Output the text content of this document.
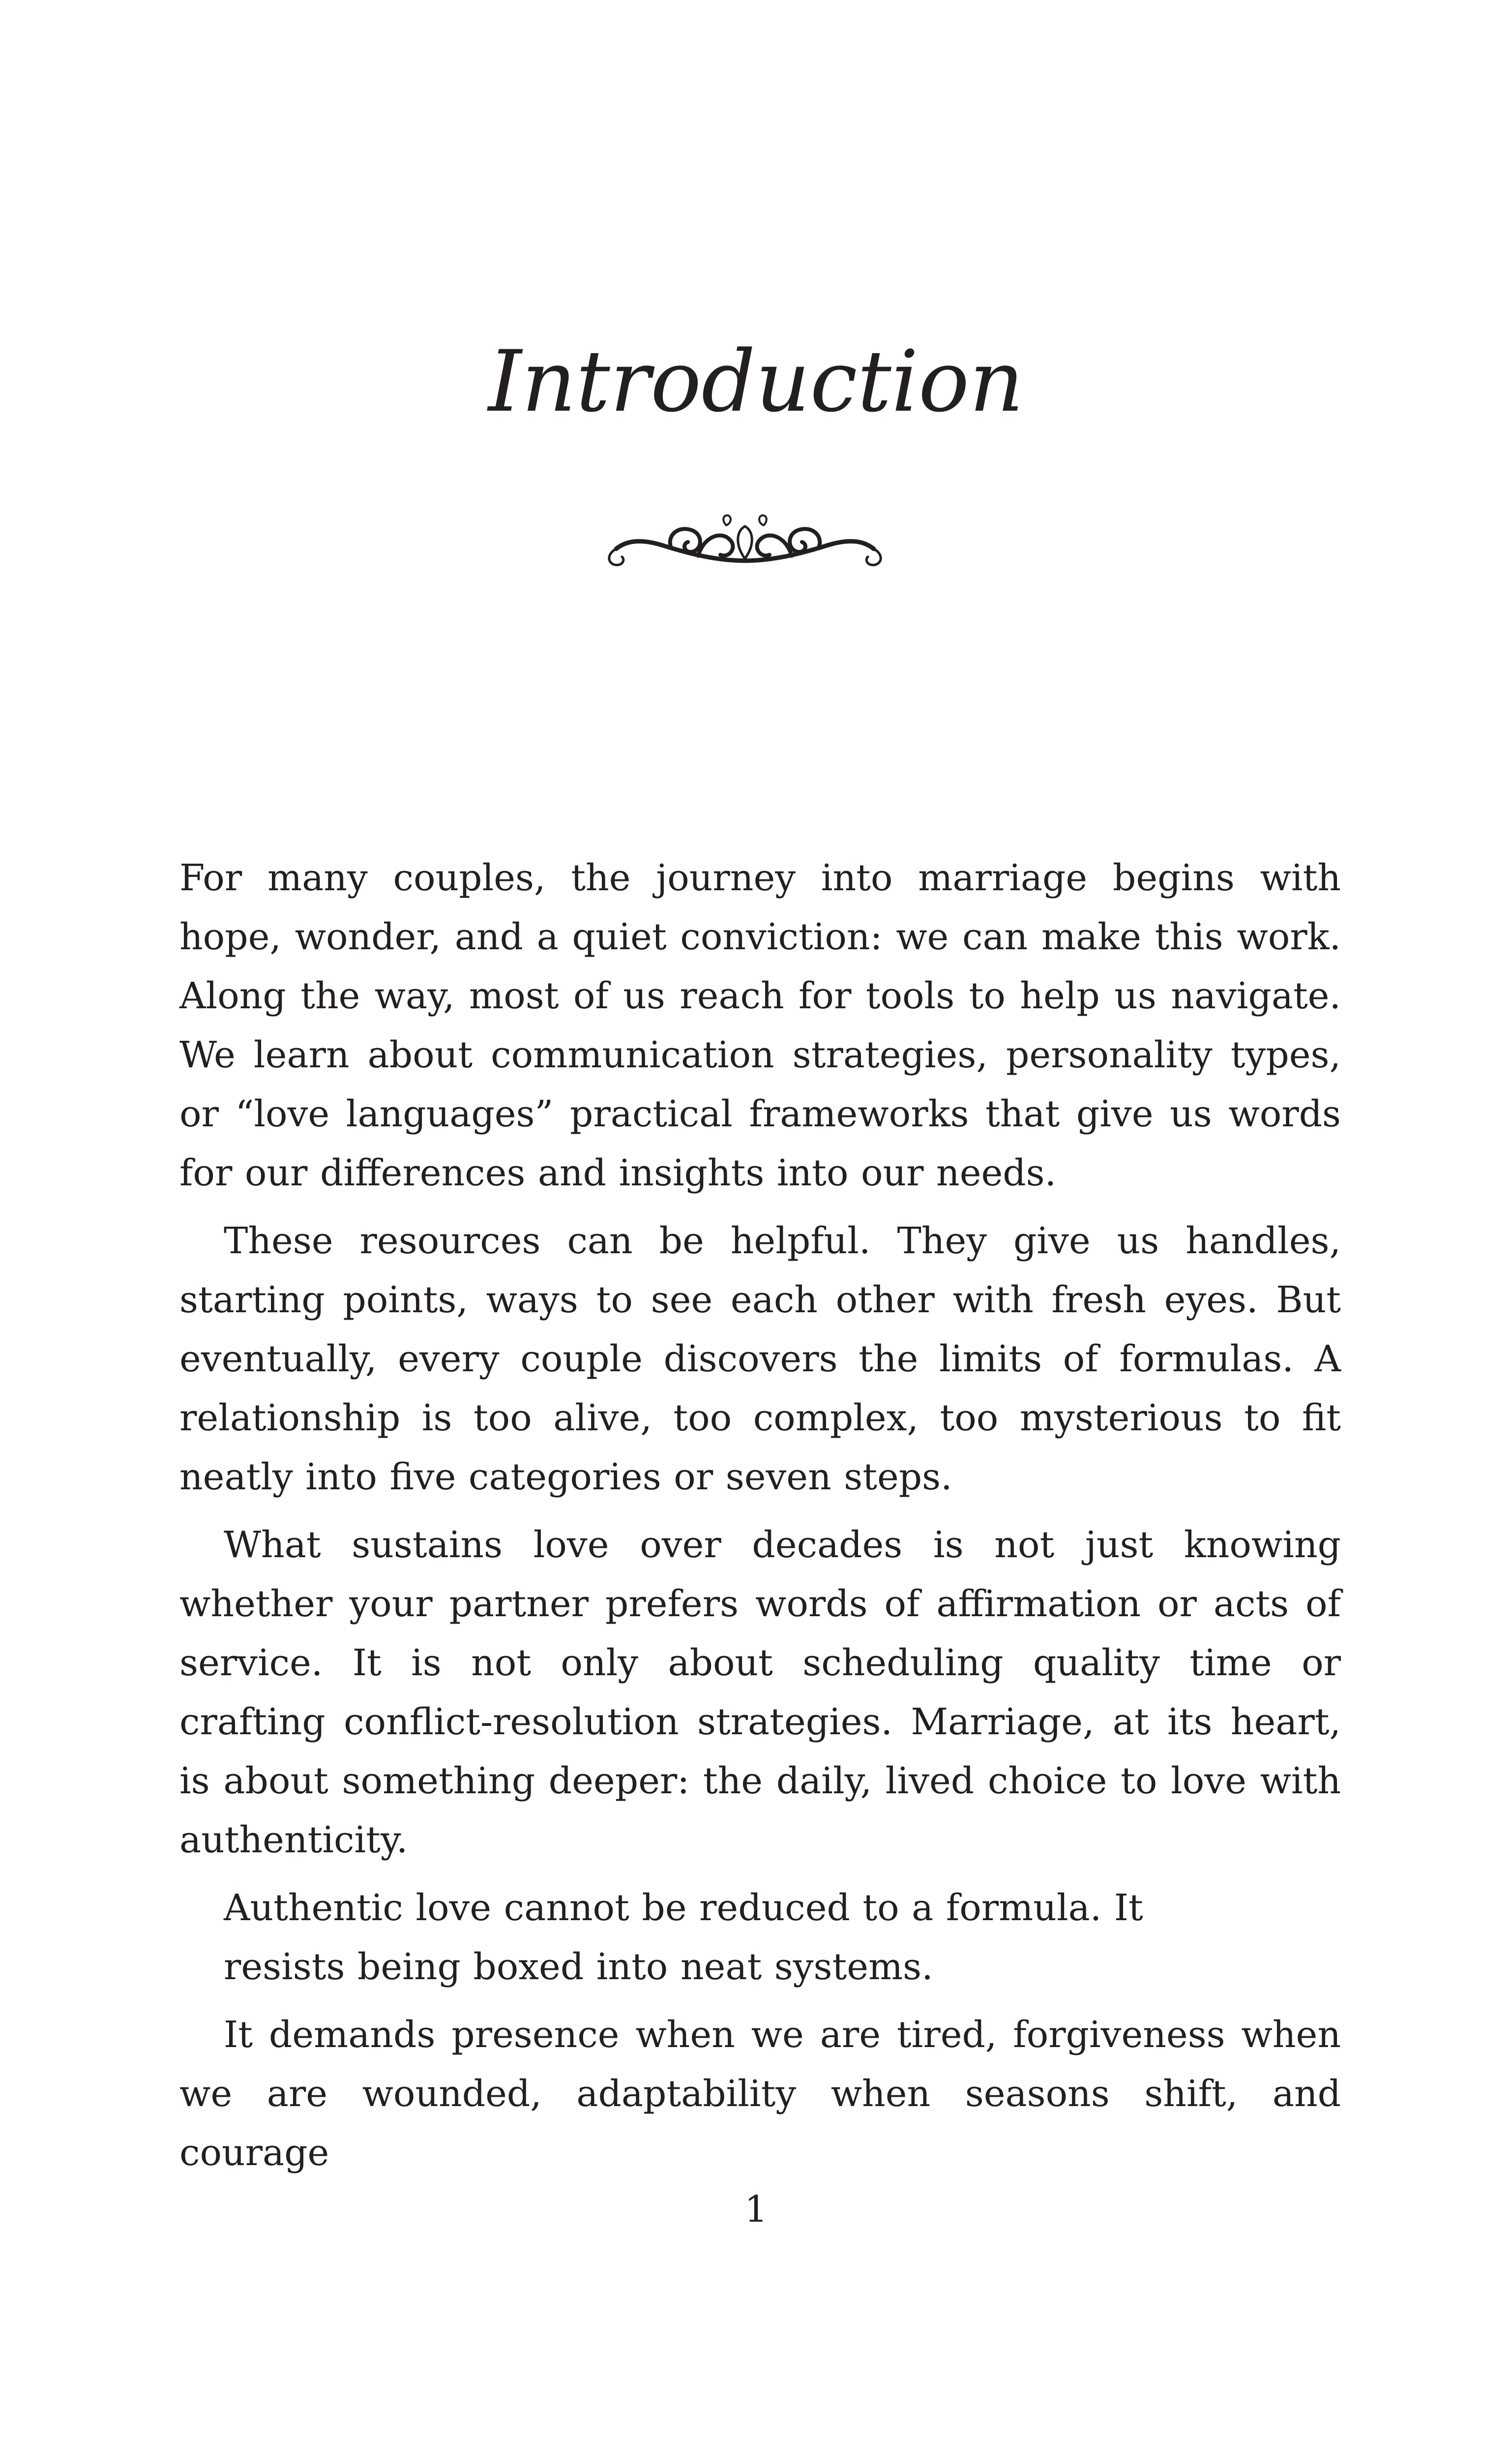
Introduction

For many couples, the journey into marriage begins with hope, wonder, and a quiet conviction: we can make this work. Along the way, most of us reach for tools to help us navigate. We learn about communication strategies, personality types, or “love languages” practical frameworks that give us words for our differences and insights into our needs.

These resources can be helpful. They give us handles, starting points, ways to see each other with fresh eyes. But eventually, every couple discovers the limits of formulas. A relationship is too alive, too complex, too mysterious to fit neatly into five categories or seven steps.

What sustains love over decades is not just knowing whether your partner prefers words of affirmation or acts of service. It is not only about scheduling quality time or crafting conflict-resolution strategies. Marriage, at its heart, is about something deeper: the daily, lived choice to love with authenticity.

Authentic love cannot be reduced to a formula. It
resists being boxed into neat systems.

It demands presence when we are tired, forgiveness when we are wounded, adaptability when seasons shift, and courage

1
